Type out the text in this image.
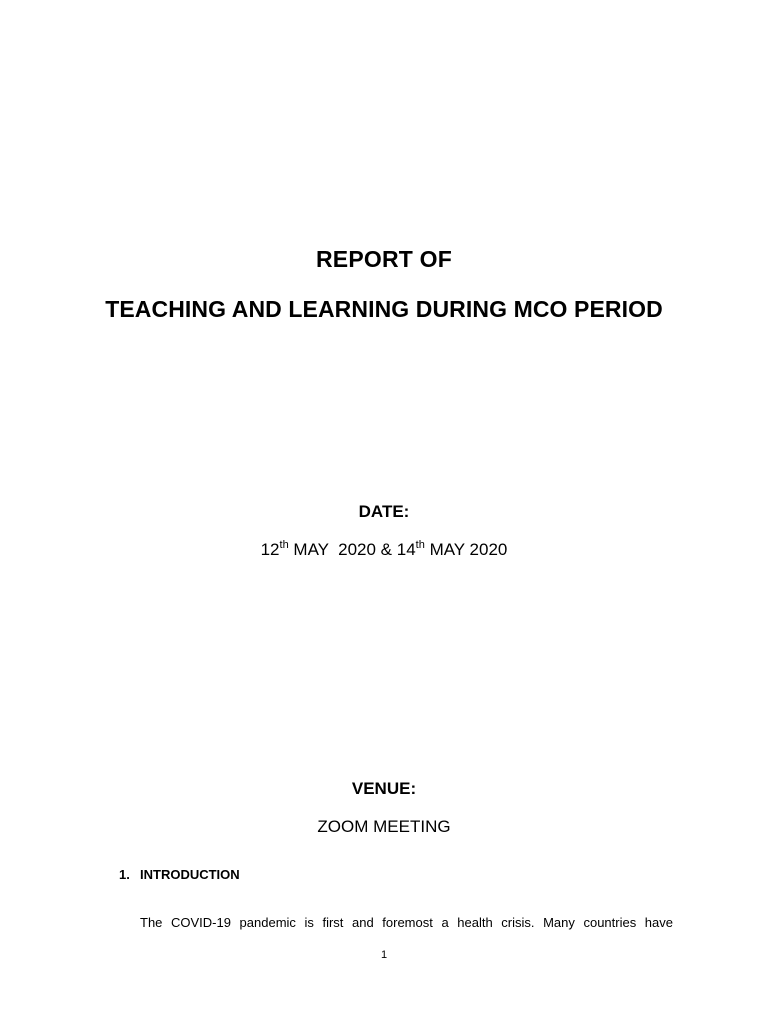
REPORT OF
TEACHING AND LEARNING DURING MCO PERIOD
DATE:
12th MAY  2020 & 14th MAY 2020
VENUE:
ZOOM MEETING
1. INTRODUCTION
The COVID-19 pandemic is first and foremost a health crisis. Many countries have
1
